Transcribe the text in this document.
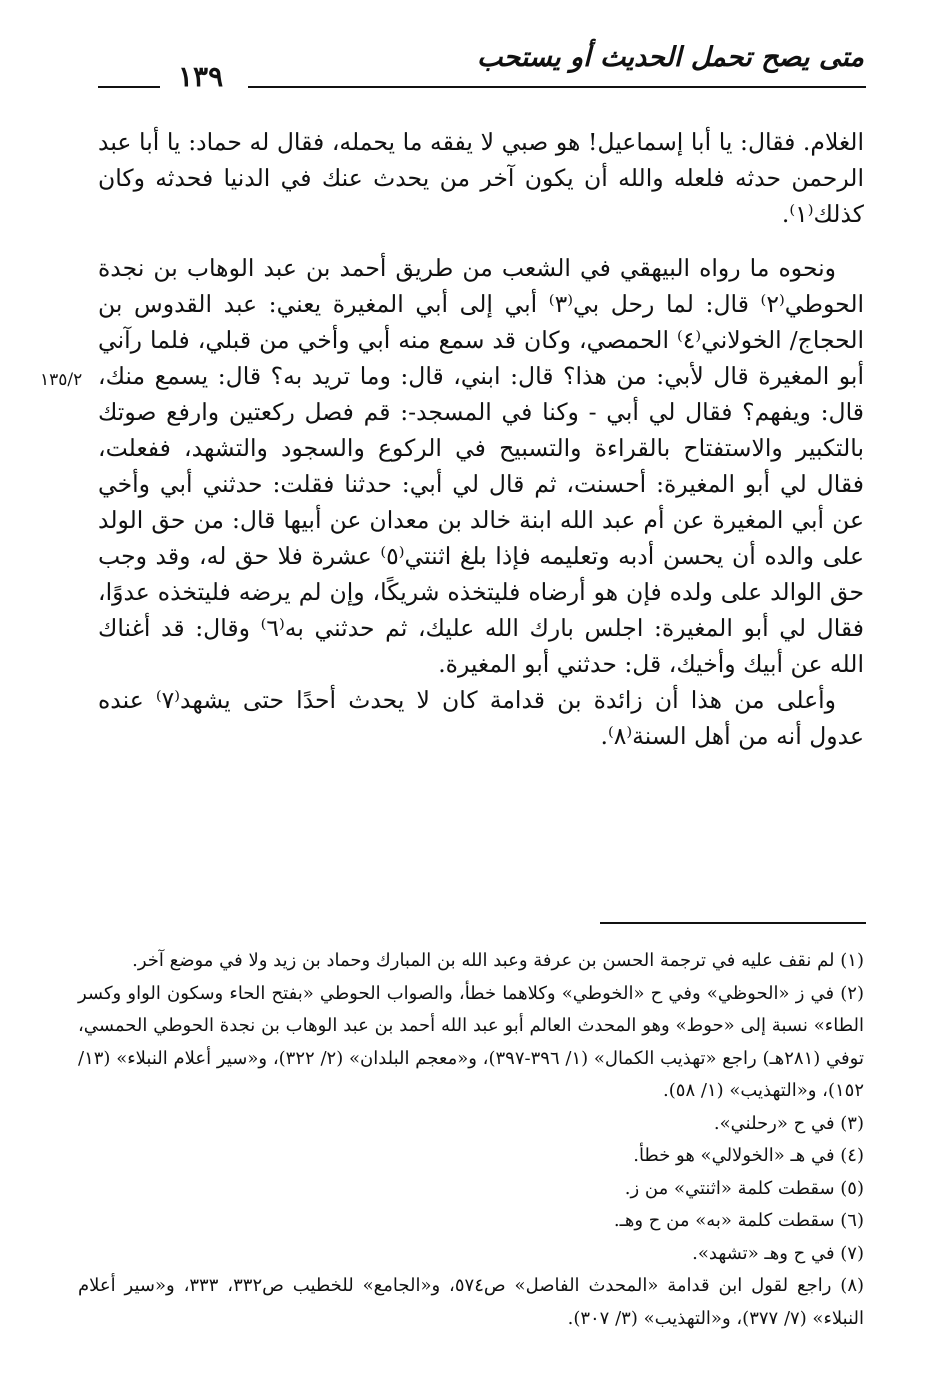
متى يصح تحمل الحديث أو يستحب
١٣٩
١٣٥/٢

الغلام. فقال: يا أبا إسماعيل! هو صبي لا يفقه ما يحمله، فقال له حماد: يا أبا عبد الرحمن حدثه فلعله والله أن يكون آخر من يحدث عنك في الدنيا فحدثه وكان كذلك⁽١⁾.

ونحوه ما رواه البيهقي في الشعب من طريق أحمد بن عبد الوهاب بن نجدة الحوطي⁽٢⁾ قال: لما رحل بي⁽٣⁾ أبي إلى أبي المغيرة يعني: عبد القدوس بن الحجاج/ الخولاني⁽٤⁾ الحمصي، وكان قد سمع منه أبي وأخي من قبلي، فلما رآني أبو المغيرة قال لأبي: من هذا؟ قال: ابني، قال: وما تريد به؟ قال: يسمع منك، قال: ويفهم؟ فقال لي أبي - وكنا في المسجد-: قم فصل ركعتين وارفع صوتك بالتكبير والاستفتاح بالقراءة والتسبيح في الركوع والسجود والتشهد، ففعلت، فقال لي أبو المغيرة: أحسنت، ثم قال لي أبي: حدثنا فقلت: حدثني أبي وأخي عن أبي المغيرة عن أم عبد الله ابنة خالد بن معدان عن أبيها قال: من حق الولد على والده أن يحسن أدبه وتعليمه فإذا بلغ اثنتي⁽٥⁾ عشرة فلا حق له، وقد وجب حق الوالد على ولده فإن هو أرضاه فليتخذه شريكًا، وإن لم يرضه فليتخذه عدوًا، فقال لي أبو المغيرة: اجلس بارك الله عليك، ثم حدثني به⁽٦⁾ وقال: قد أغناك الله عن أبيك وأخيك، قل: حدثني أبو المغيرة.

وأعلى من هذا أن زائدة بن قدامة كان لا يحدث أحدًا حتى يشهد⁽٧⁾ عنده عدول أنه من أهل السنة⁽٨⁾.

(١) لم نقف عليه في ترجمة الحسن بن عرفة وعبد الله بن المبارك وحماد بن زيد ولا في موضع آخر.

(٢) في ز «الحوظي» وفي ح «الخوطي» وكلاهما خطأ، والصواب الحوطي «بفتح الحاء وسكون الواو وكسر الطاء» نسبة إلى «حوط» وهو المحدث العالم أبو عبد الله أحمد بن عبد الوهاب بن نجدة الحوطي الحمسي، توفي (٢٨١هـ) راجع «تهذيب الكمال» (١/ ٣٩٦-٣٩٧)، و«معجم البلدان» (٢/ ٣٢٢)، و«سير أعلام النبلاء» (١٣/ ١٥٢)، و«التهذيب» (١/ ٥٨).

(٣) في ح «رحلني».

(٤) في هـ «الخولالي» هو خطأ.

(٥) سقطت كلمة «اثنتي» من ز.

(٦) سقطت كلمة «به» من ح وهـ.

(٧) في ح وهـ «تشهد».

(٨) راجع لقول ابن قدامة «المحدث الفاصل» ص٥٧٤، و«الجامع» للخطيب ص٣٣٢، ٣٣٣، و«سير أعلام النبلاء» (٧/ ٣٧٧)، و«التهذيب» (٣/ ٣٠٧).
